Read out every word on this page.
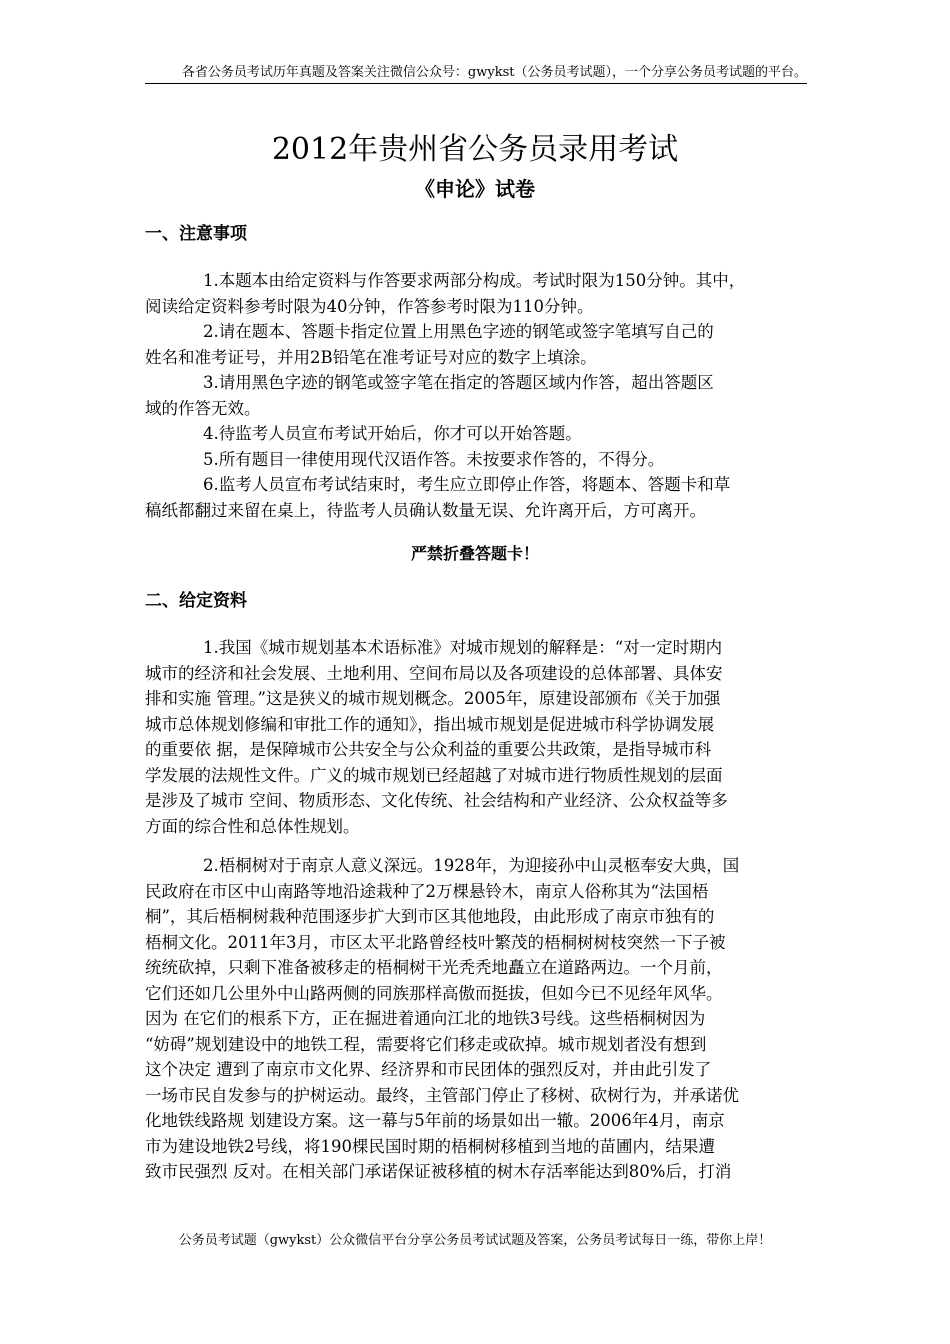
各省公务员考试历年真题及答案关注微信公众号：gwykst（公务员考试题），一个分享公务员考试题的平台。
2012年贵州省公务员录用考试
《申论》试卷
一、注意事项
1.本题本由给定资料与作答要求两部分构成。考试时限为150分钟。其中，
阅读给定资料参考时限为40分钟，作答参考时限为110分钟。
2.请在题本、答题卡指定位置上用黑色字迹的钢笔或签字笔填写自己的
姓名和准考证号，并用2B铅笔在准考证号对应的数字上填涂。
3.请用黑色字迹的钢笔或签字笔在指定的答题区域内作答，超出答题区
域的作答无效。
4.待监考人员宣布考试开始后，你才可以开始答题。
5.所有题目一律使用现代汉语作答。未按要求作答的，不得分。
6.监考人员宣布考试结束时，考生应立即停止作答，将题本、答题卡和草
稿纸都翻过来留在桌上，待监考人员确认数量无误、允许离开后，方可离开。
严禁折叠答题卡！
二、给定资料
1.我国《城市规划基本术语标准》对城市规划的解释是：“对一定时期内
城市的经济和社会发展、土地利用、空间布局以及各项建设的总体部署、具体安
排和实施 管理。”这是狭义的城市规划概念。2005年，原建设部颁布《关于加强
城市总体规划修编和审批工作的通知》，指出城市规划是促进城市科学协调发展
的重要依 据，是保障城市公共安全与公众利益的重要公共政策，是指导城市科
学发展的法规性文件。广义的城市规划已经超越了对城市进行物质性规划的层面
是涉及了城市 空间、物质形态、文化传统、社会结构和产业经济、公众权益等多
方面的综合性和总体性规划。
2.梧桐树对于南京人意义深远。1928年，为迎接孙中山灵柩奉安大典，国
民政府在市区中山南路等地沿途栽种了2万棵悬铃木，南京人俗称其为“法国梧
桐”，其后梧桐树栽种范围逐步扩大到市区其他地段，由此形成了南京市独有的
梧桐文化。2011年3月，市区太平北路曾经枝叶繁茂的梧桐树树枝突然一下子被
统统砍掉，只剩下准备被移走的梧桐树干光秃秃地矗立在道路两边。一个月前，
它们还如几公里外中山路两侧的同族那样高傲而挺拔，但如今已不见经年风华。
因为 在它们的根系下方，正在掘进着通向江北的地铁3号线。这些梧桐树因为
“妨碍”规划建设中的地铁工程，需要将它们移走或砍掉。城市规划者没有想到
这个决定 遭到了南京市文化界、经济界和市民团体的强烈反对，并由此引发了
一场市民自发参与的护树运动。最终，主管部门停止了移树、砍树行为，并承诺优
化地铁线路规 划建设方案。这一幕与5年前的场景如出一辙。2006年4月，南京
市为建设地铁2号线，将190棵民国时期的梧桐树移植到当地的苗圃内，结果遭
致市民强烈 反对。在相关部门承诺保证被移植的树木存活率能达到80%后，打消
公务员考试题（gwykst）公众微信平台分享公务员考试试题及答案，公务员考试每日一练，带你上岸！
